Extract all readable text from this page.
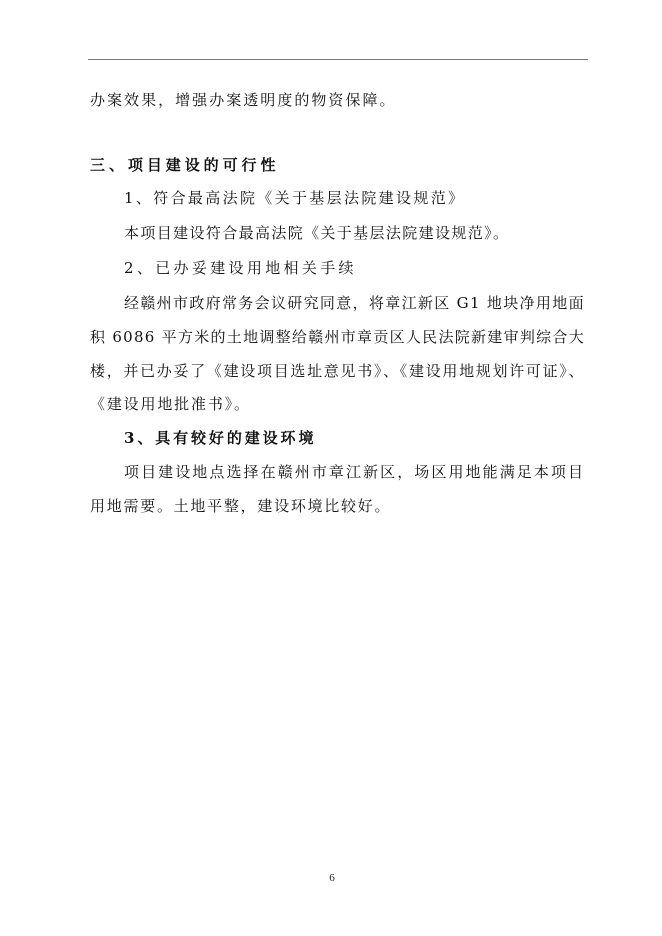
办案效果，增强办案透明度的物资保障。

三、项目建设的可行性

1、符合最高法院《关于基层法院建设规范》

本项目建设符合最高法院《关于基层法院建设规范》。

2、已办妥建设用地相关手续

经赣州市政府常务会议研究同意，将章江新区 G1 地块净用地面

积 6086 平方米的土地调整给赣州市章贡区人民法院新建审判综合大

楼，并已办妥了《建设项目选址意见书》、《建设用地规划许可证》、

《建设用地批准书》。

3、具有较好的建设环境

项目建设地点选择在赣州市章江新区，场区用地能满足本项目

用地需要。土地平整，建设环境比较好。

6
